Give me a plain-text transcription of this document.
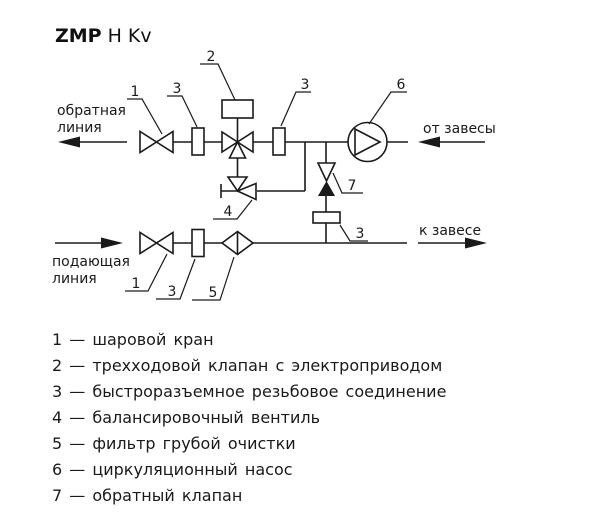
ZMP H Kv
1 3
2
3	6
7
3
4
1 3 5
обратная
линия	от завесы
подающая
линия
к завесе
1 — шаровой кран
2 — трехходовой клапан с электроприводом
3 — быстроразъемное резьбовое соединение
4 — балансировочный вентиль
5 — фильтр грубой очистки
6 — циркуляционный насос
7 — обратный клапан
